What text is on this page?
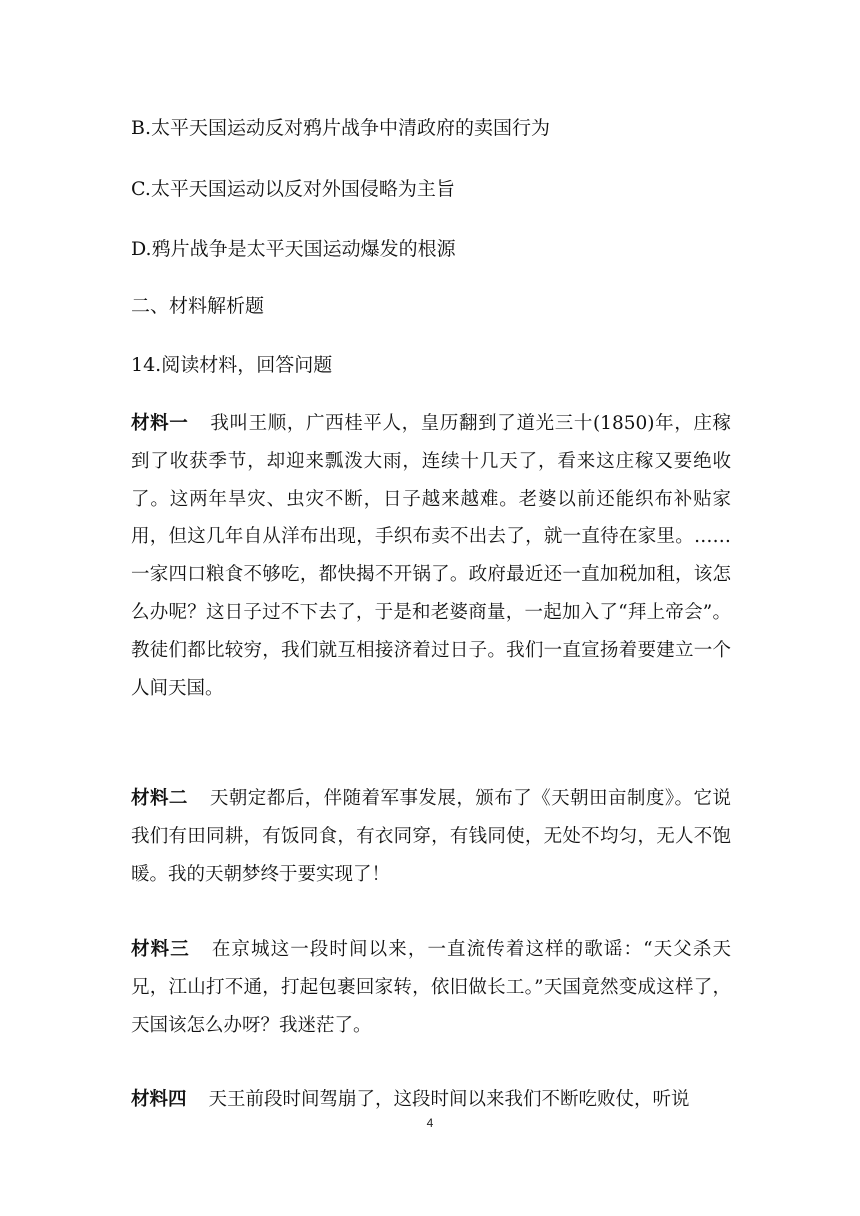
B.太平天国运动反对鸦片战争中清政府的卖国行为
C.太平天国运动以反对外国侵略为主旨
D.鸦片战争是太平天国运动爆发的根源
二、材料解析题
14.阅读材料，回答问题
材料一 我叫王顺，广西桂平人，皇历翻到了道光三十(1850)年，庄稼到了收获季节，却迎来瓢泼大雨，连续十几天了，看来这庄稼又要绝收了。这两年旱灾、虫灾不断，日子越来越难。老婆以前还能织布补贴家用，但这几年自从洋布出现，手织布卖不出去了，就一直待在家里。……一家四口粮食不够吃，都快揭不开锅了。政府最近还一直加税加租，该怎么办呢？这日子过不下去了，于是和老婆商量，一起加入了“拜上帝会”。教徒们都比较穷，我们就互相接济着过日子。我们一直宣扬着要建立一个人间天国。
材料二 天朝定都后，伴随着军事发展，颁布了《天朝田亩制度》。它说我们有田同耕，有饭同食，有衣同穿，有钱同使，无处不均匀，无人不饱暖。我的天朝梦终于要实现了！
材料三 在京城这一段时间以来，一直流传着这样的歌谣：“天父杀天兄，江山打不通，打起包裹回家转，依旧做长工。”天国竟然变成这样了，天国该怎么办呀？我迷茫了。
材料四 天王前段时间驾崩了，这段时间以来我们不断吃败仗，听说
4
